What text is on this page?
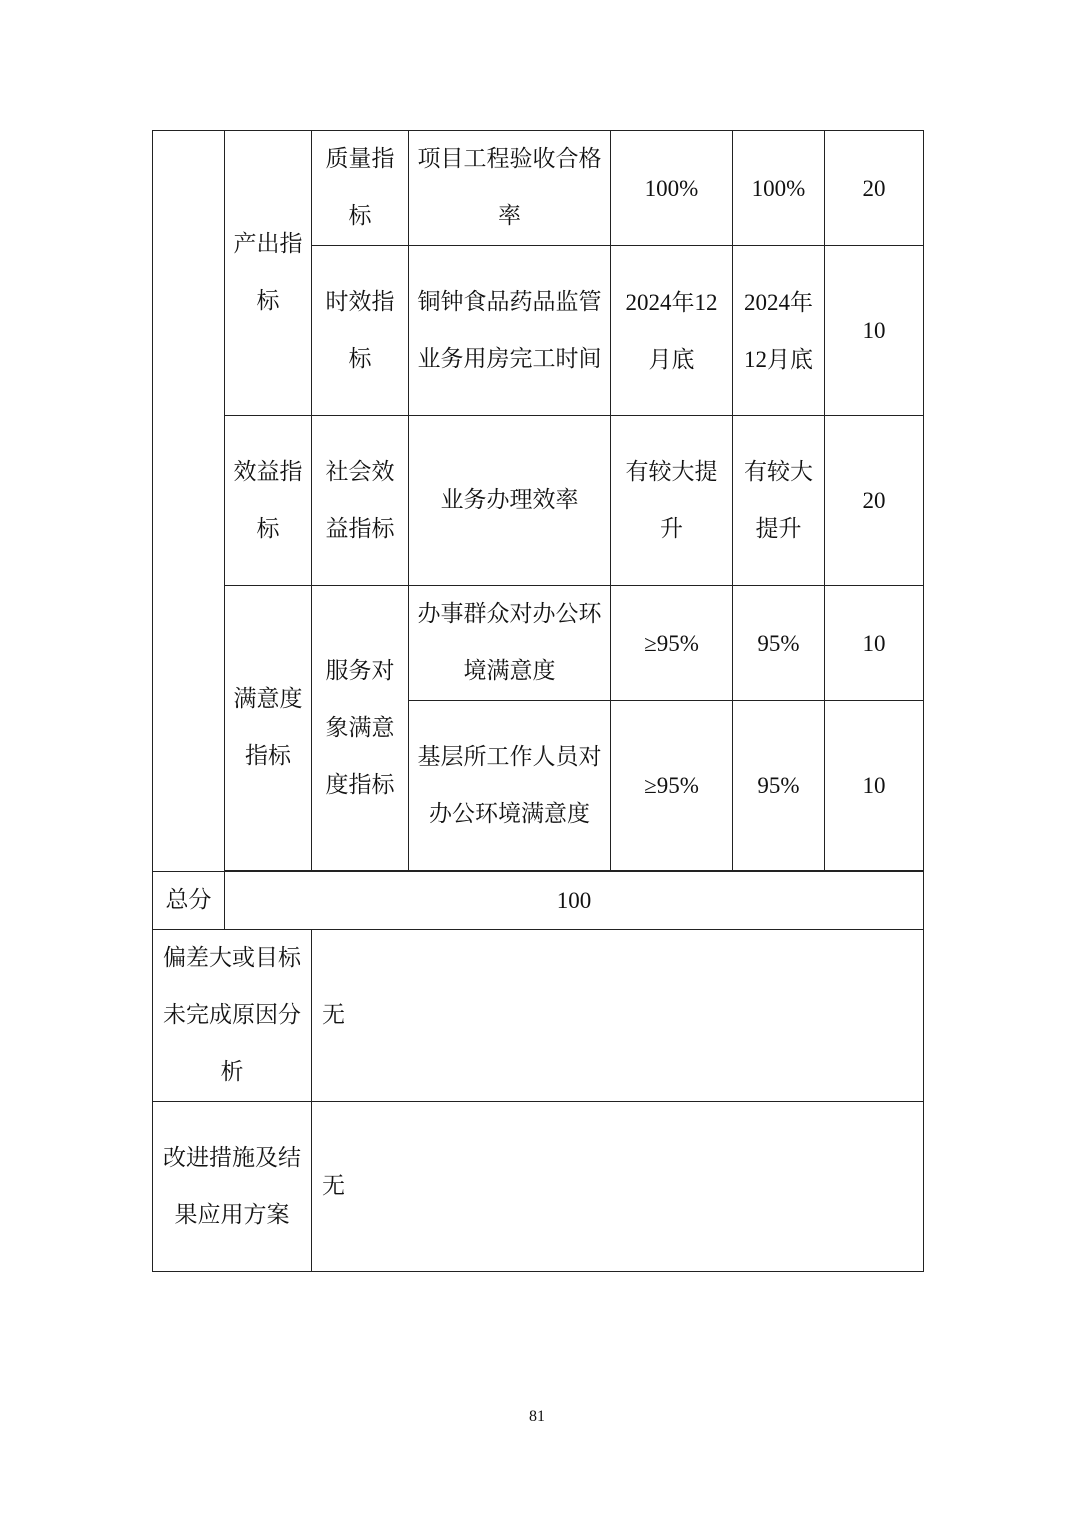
	产出指标	质量指标	项目工程验收合格率	100%	100%	20
		时效指标	铜钟食品药品监管业务用房完工时间	2024年12月底	2024年12月底	10
	效益指标	社会效益指标	业务办理效率	有较大提升	有较大提升	20
	满意度指标	服务对象满意度指标	办事群众对办公环境满意度	≥95%	95%	10
			基层所工作人员对办公环境满意度	≥95%	95%	10

总分	100					
偏差大或目标未完成原因分析		无				
改进措施及结果应用方案		无				
81
